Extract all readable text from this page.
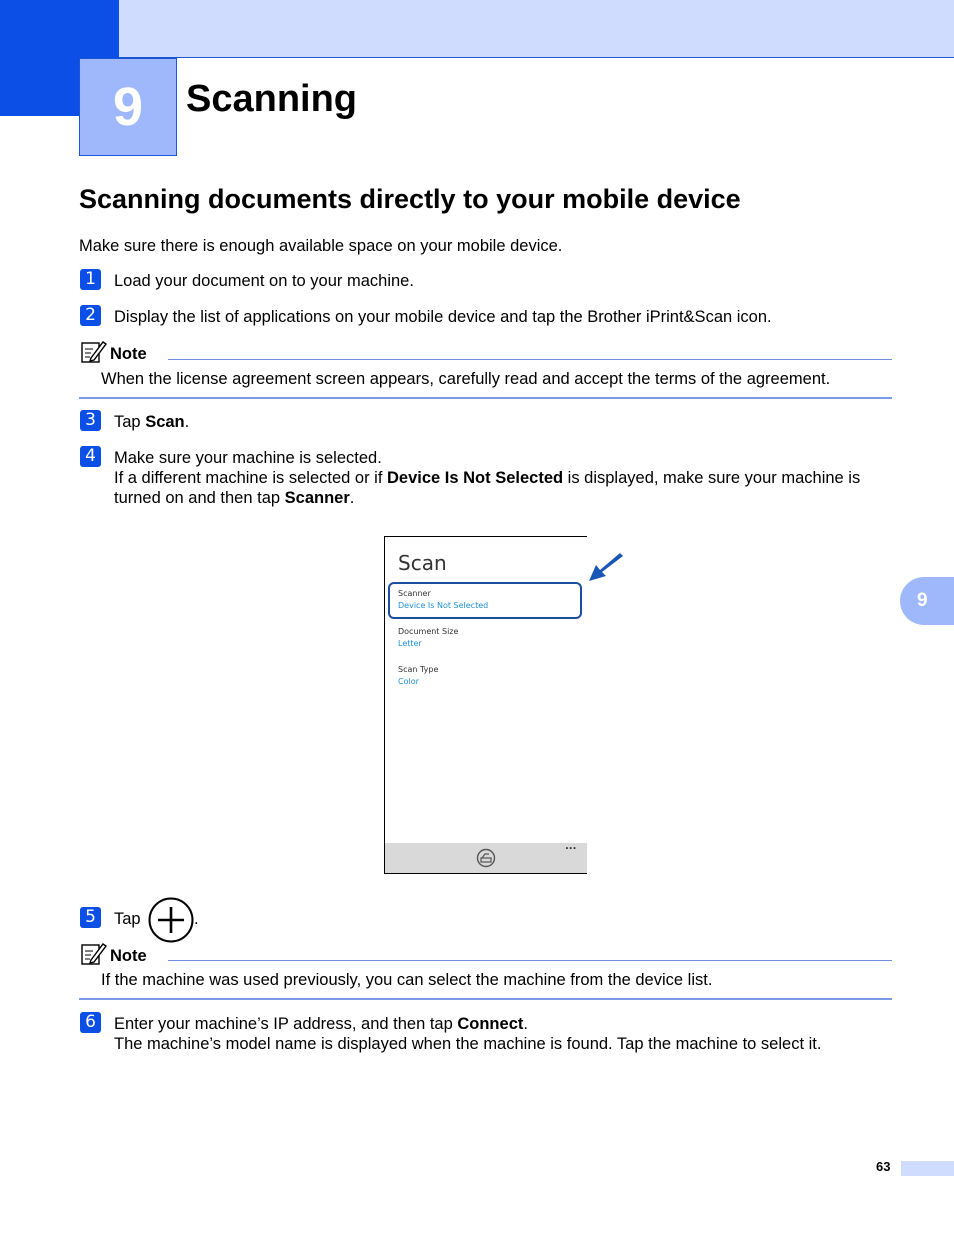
9	Scanning
Scanning documents directly to your mobile device
Make sure there is enough available space on your mobile device.
1	Load your document on to your machine.
2	Display the list of applications on your mobile device and tap the Brother iPrint&Scan icon.
Note
When the license agreement screen appears, carefully read and accept the terms of the agreement.
3	Tap Scan.
4	Make sure your machine is selected.
If a different machine is selected or if Device Is Not Selected is displayed, make sure your machine is
turned on and then tap Scanner.
Scan
Scanner
Device Is Not Selected
Document Size
Letter
Scan Type
Color
...
5	Tap	.
Note
If the machine was used previously, you can select the machine from the device list.
6	Enter your machine’s IP address, and then tap Connect.
The machine’s model name is displayed when the machine is found. Tap the machine to select it.
9
63
